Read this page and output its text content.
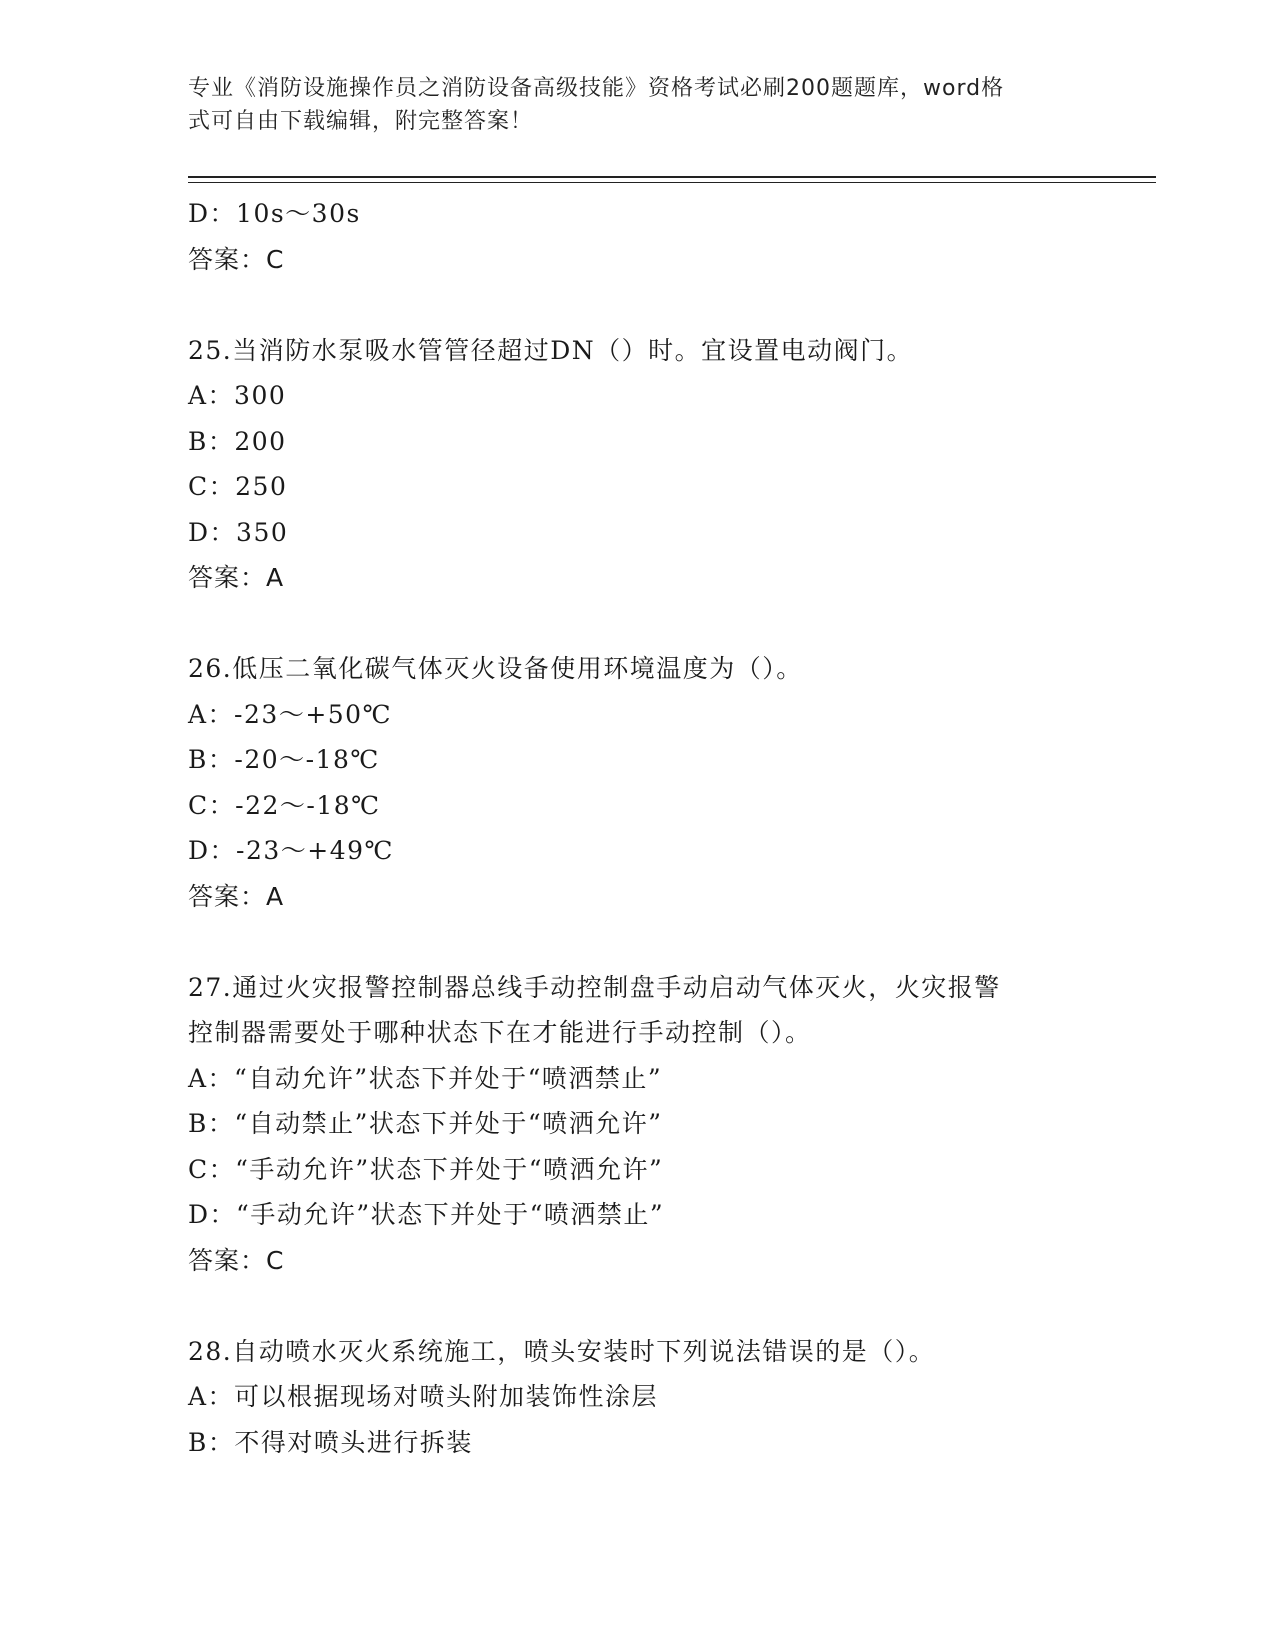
专业《消防设施操作员之消防设备高级技能》资格考试必刷200题题库，word格
式可自由下载编辑，附完整答案！
D：10s～30s
答案：C
25.当消防水泵吸水管管径超过DN（）时。宜设置电动阀门。
A：300
B：200
C：250
D：350
答案：A
26.低压二氧化碳气体灭火设备使用环境温度为（）。
A：-23～+50℃
B：-20～-18℃
C：-22～-18℃
D：-23～+49℃
答案：A
27.通过火灾报警控制器总线手动控制盘手动启动气体灭火，火灾报警
控制器需要处于哪种状态下在才能进行手动控制（）。
A：“自动允许”状态下并处于“喷洒禁止”
B：“自动禁止”状态下并处于“喷洒允许”
C：“手动允许”状态下并处于“喷洒允许”
D：“手动允许”状态下并处于“喷洒禁止”
答案：C
28.自动喷水灭火系统施工，喷头安装时下列说法错误的是（）。
A：可以根据现场对喷头附加装饰性涂层
B：不得对喷头进行拆装
